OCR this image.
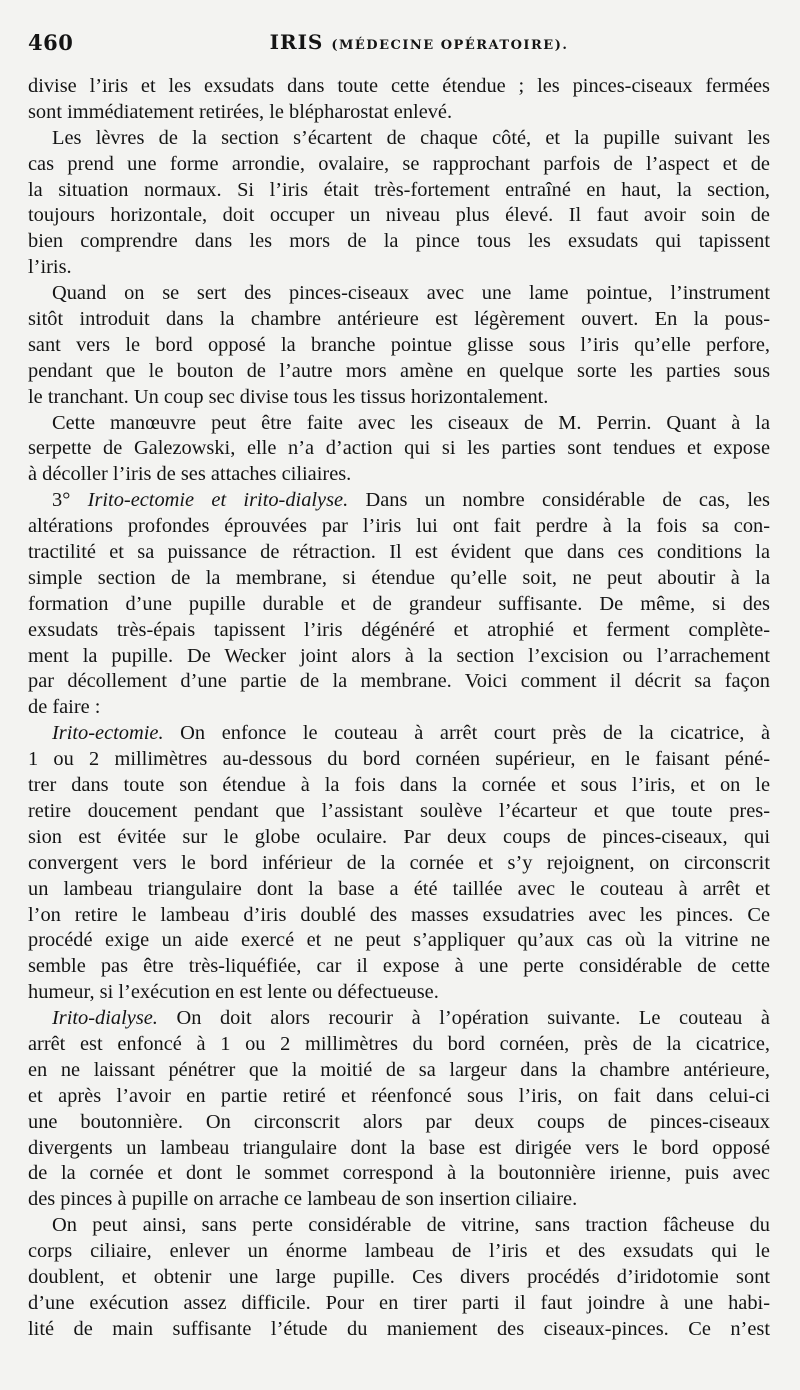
460	IRIS (MÉDECINE OPÉRATOIRE).
divise l’iris et les exsudats dans toute cette étendue ; les pinces-ciseaux fermées
sont immédiatement retirées, le blépharostat enlevé.
Les lèvres de la section s’écartent de chaque côté, et la pupille suivant les
cas prend une forme arrondie, ovalaire, se rapprochant parfois de l’aspect et de
la situation normaux. Si l’iris était très-fortement entraîné en haut, la section,
toujours horizontale, doit occuper un niveau plus élevé. Il faut avoir soin de
bien comprendre dans les mors de la pince tous les exsudats qui tapissent
l’iris.
Quand on se sert des pinces-ciseaux avec une lame pointue, l’instrument
sitôt introduit dans la chambre antérieure est légèrement ouvert. En la pous-
sant vers le bord opposé la branche pointue glisse sous l’iris qu’elle perfore,
pendant que le bouton de l’autre mors amène en quelque sorte les parties sous
le tranchant. Un coup sec divise tous les tissus horizontalement.
Cette manœuvre peut être faite avec les ciseaux de M. Perrin. Quant à la
serpette de Galezowski, elle n’a d’action qui si les parties sont tendues et expose
à décoller l’iris de ses attaches ciliaires.
3° Irito-ectomie et irito-dialyse. Dans un nombre considérable de cas, les
altérations profondes éprouvées par l’iris lui ont fait perdre à la fois sa con-
tractilité et sa puissance de rétraction. Il est évident que dans ces conditions la
simple section de la membrane, si étendue qu’elle soit, ne peut aboutir à la
formation d’une pupille durable et de grandeur suffisante. De même, si des
exsudats très-épais tapissent l’iris dégénéré et atrophié et ferment complète-
ment la pupille. De Wecker joint alors à la section l’excision ou l’arrachement
par décollement d’une partie de la membrane. Voici comment il décrit sa façon
de faire :
Irito-ectomie. On enfonce le couteau à arrêt court près de la cicatrice, à
1 ou 2 millimètres au-dessous du bord cornéen supérieur, en le faisant péné-
trer dans toute son étendue à la fois dans la cornée et sous l’iris, et on le
retire doucement pendant que l’assistant soulève l’écarteur et que toute pres-
sion est évitée sur le globe oculaire. Par deux coups de pinces-ciseaux, qui
convergent vers le bord inférieur de la cornée et s’y rejoignent, on circonscrit
un lambeau triangulaire dont la base a été taillée avec le couteau à arrêt et
l’on retire le lambeau d’iris doublé des masses exsudatries avec les pinces. Ce
procédé exige un aide exercé et ne peut s’appliquer qu’aux cas où la vitrine ne
semble pas être très-liquéfiée, car il expose à une perte considérable de cette
humeur, si l’exécution en est lente ou défectueuse.
Irito-dialyse. On doit alors recourir à l’opération suivante. Le couteau à
arrêt est enfoncé à 1 ou 2 millimètres du bord cornéen, près de la cicatrice,
en ne laissant pénétrer que la moitié de sa largeur dans la chambre antérieure,
et après l’avoir en partie retiré et réenfoncé sous l’iris, on fait dans celui-ci
une boutonnière. On circonscrit alors par deux coups de pinces-ciseaux
divergents un lambeau triangulaire dont la base est dirigée vers le bord opposé
de la cornée et dont le sommet correspond à la boutonnière irienne, puis avec
des pinces à pupille on arrache ce lambeau de son insertion ciliaire.
On peut ainsi, sans perte considérable de vitrine, sans traction fâcheuse du
corps ciliaire, enlever un énorme lambeau de l’iris et des exsudats qui le
doublent, et obtenir une large pupille. Ces divers procédés d’iridotomie sont
d’une exécution assez difficile. Pour en tirer parti il faut joindre à une habi-
lité de main suffisante l’étude du maniement des ciseaux-pinces. Ce n’est
